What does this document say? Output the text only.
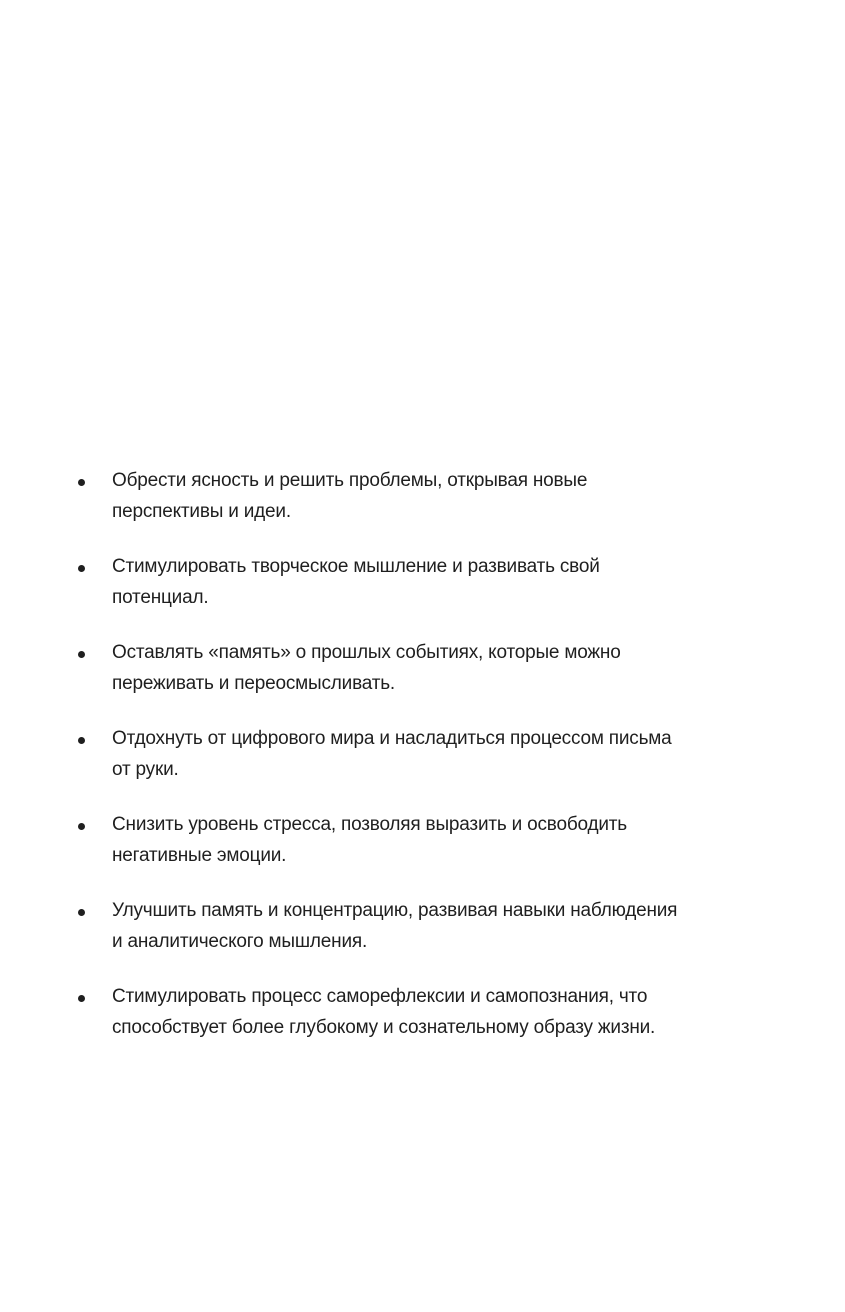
Обрести ясность и решить проблемы, открывая новые
перспективы и идеи.
Стимулировать творческое мышление и развивать свой
потенциал.
Оставлять «память» о прошлых событиях, которые можно
переживать и переосмысливать.
Отдохнуть от цифрового мира и насладиться процессом письма
от руки.
Снизить уровень стресса, позволяя выразить и освободить
негативные эмоции.
Улучшить память и концентрацию, развивая навыки наблюдения
и аналитического мышления.
Стимулировать процесс саморефлексии и самопознания, что
способствует более глубокому и сознательному образу жизни.
